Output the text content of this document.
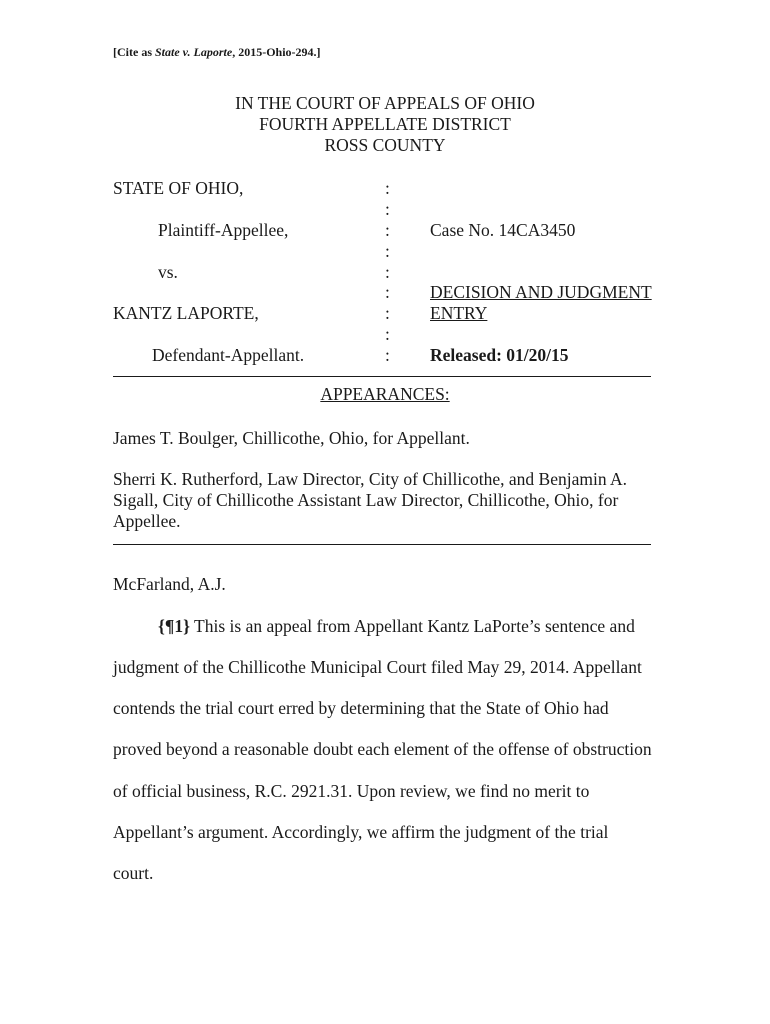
[Cite as State v. Laporte, 2015-Ohio-294.]
IN THE COURT OF APPEALS OF OHIO
FOURTH APPELLATE DISTRICT
ROSS COUNTY
STATE OF OHIO,
Plaintiff-Appellee,
vs.
KANTZ LAPORTE,
Defendant-Appellant.
:
:
:
:
:
:
:
:
:
Case No. 14CA3450
DECISION AND JUDGMENT
ENTRY
Released: 01/20/15
APPEARANCES:
James T. Boulger, Chillicothe, Ohio, for Appellant.
Sherri K. Rutherford, Law Director, City of Chillicothe, and Benjamin A. Sigall, City of Chillicothe Assistant Law Director, Chillicothe, Ohio, for Appellee.
McFarland, A.J.
{¶1} This is an appeal from Appellant Kantz LaPorte’s sentence and
judgment of the Chillicothe Municipal Court filed May 29, 2014. Appellant
contends the trial court erred by determining that the State of Ohio had
proved beyond a reasonable doubt each element of the offense of obstruction
of official business, R.C. 2921.31. Upon review, we find no merit to
Appellant’s argument. Accordingly, we affirm the judgment of the trial
court.
